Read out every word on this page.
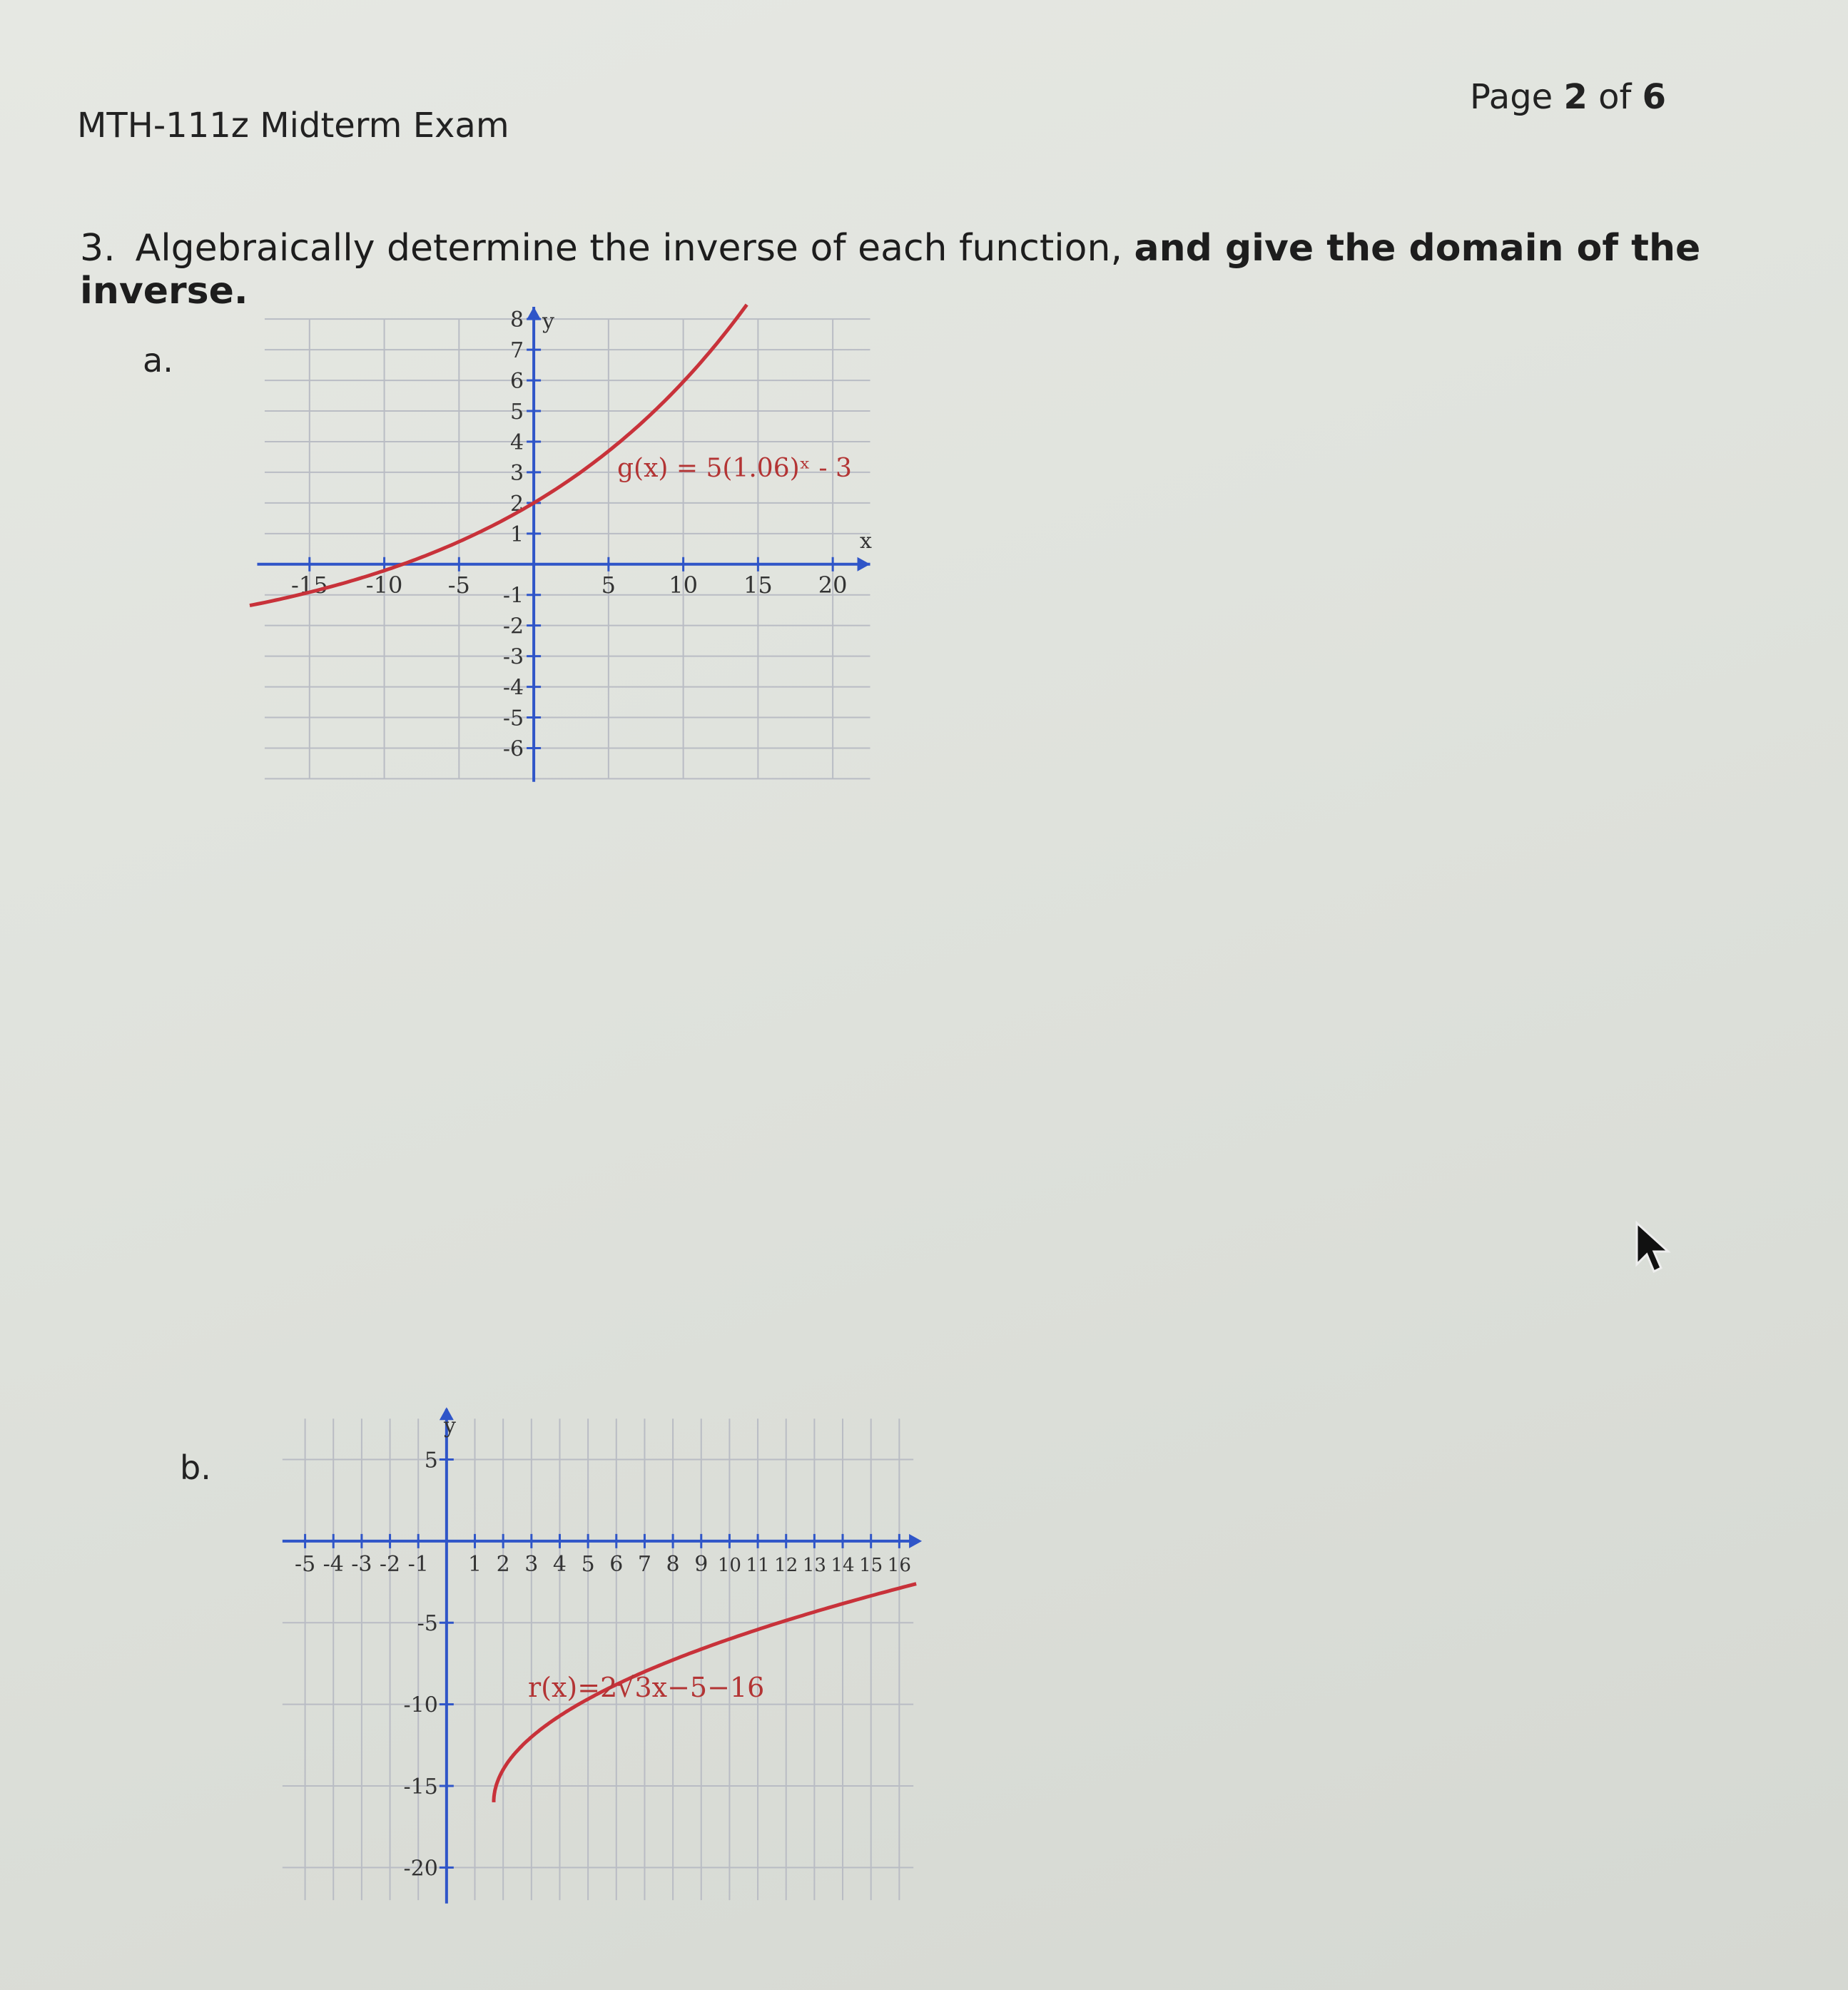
MTH-111z Midterm Exam
Page 2 of 6
3. Algebraically determine the inverse of each function, and give the domain of the inverse.
a.
-15 -10 -5	5 10 15 20
8
7
6
5
4
3
2
1
-1
-2
-3
-4
-5
-6
g(x) = 5(1.06)ˣ - 3
x
y
b.
-5 -4 -3 -2 -1 1 2 3 4 5 6 7 8 9 10 11 12 13 14 15 16
5
-5
-10
-15
-20
r(x)=2√3x−5−16
y
